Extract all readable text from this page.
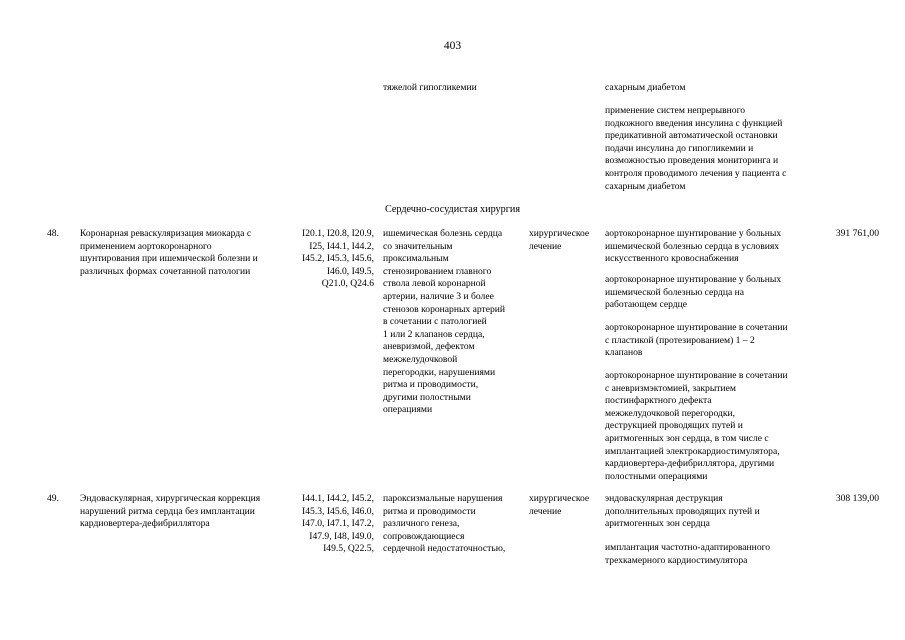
403
тяжелой гипогликемии	сахарным диабетом
применение систем непрерывного
подкожного введения инсулина с функцией
предикативной автоматической остановки
подачи инсулина до гипогликемии и
возможностью проведения мониторинга и
контроля проводимого лечения у пациента с
сахарным диабетом
Сердечно-сосудистая хирургия
48. Коронарная реваскуляризация миокарда с
применением аортокоронарного
шунтирования при ишемической болезни и
различных формах сочетанной патологии
I20.1, I20.8, I20.9,
I25, I44.1, I44.2,
I45.2, I45.3, I45.6,
I46.0, I49.5,
Q21.0, Q24.6
ишемическая болезнь сердца
со значительным
проксимальным
стенозированием главного
ствола левой коронарной
артерии, наличие 3 и более
стенозов коронарных артерий
в сочетании с патологией
1 или 2 клапанов сердца,
аневризмой, дефектом
межжелудочковой
перегородки, нарушениями
ритма и проводимости,
другими полостными
операциями
хирургическое
лечение
аортокоронарное шунтирование у больных
ишемической болезнью сердца в условиях
искусственного кровоснабжения
аортокоронарное шунтирование у больных
ишемической болезнью сердца на
работающем сердце
аортокоронарное шунтирование в сочетании
с пластикой (протезированием) 1 – 2
клапанов
аортокоронарное шунтирование в сочетании
с аневризмэктомией, закрытием
постинфарктного дефекта
межжелудочковой перегородки,
деструкцией проводящих путей и
аритмогенных зон сердца, в том числе с
имплантацией электрокардиостимулятора,
кардиовертера-дефибриллятора, другими
полостными операциями
391 761,00
49. Эндоваскулярная, хирургическая коррекция
нарушений ритма сердца без имплантации
кардиовертера-дефибриллятора
I44.1, I44.2, I45.2,
I45.3, I45.6, I46.0,
I47.0, I47.1, I47.2,
I47.9, I48, I49.0,
I49.5, Q22.5,
пароксизмальные нарушения
ритма и проводимости
различного генеза,
сопровождающиеся
сердечной недостаточностью,
хирургическое
лечение
эндоваскулярная деструкция
дополнительных проводящих путей и
аритмогенных зон сердца
имплантация частотно-адаптированного
трехкамерного кардиостимулятора
308 139,00
